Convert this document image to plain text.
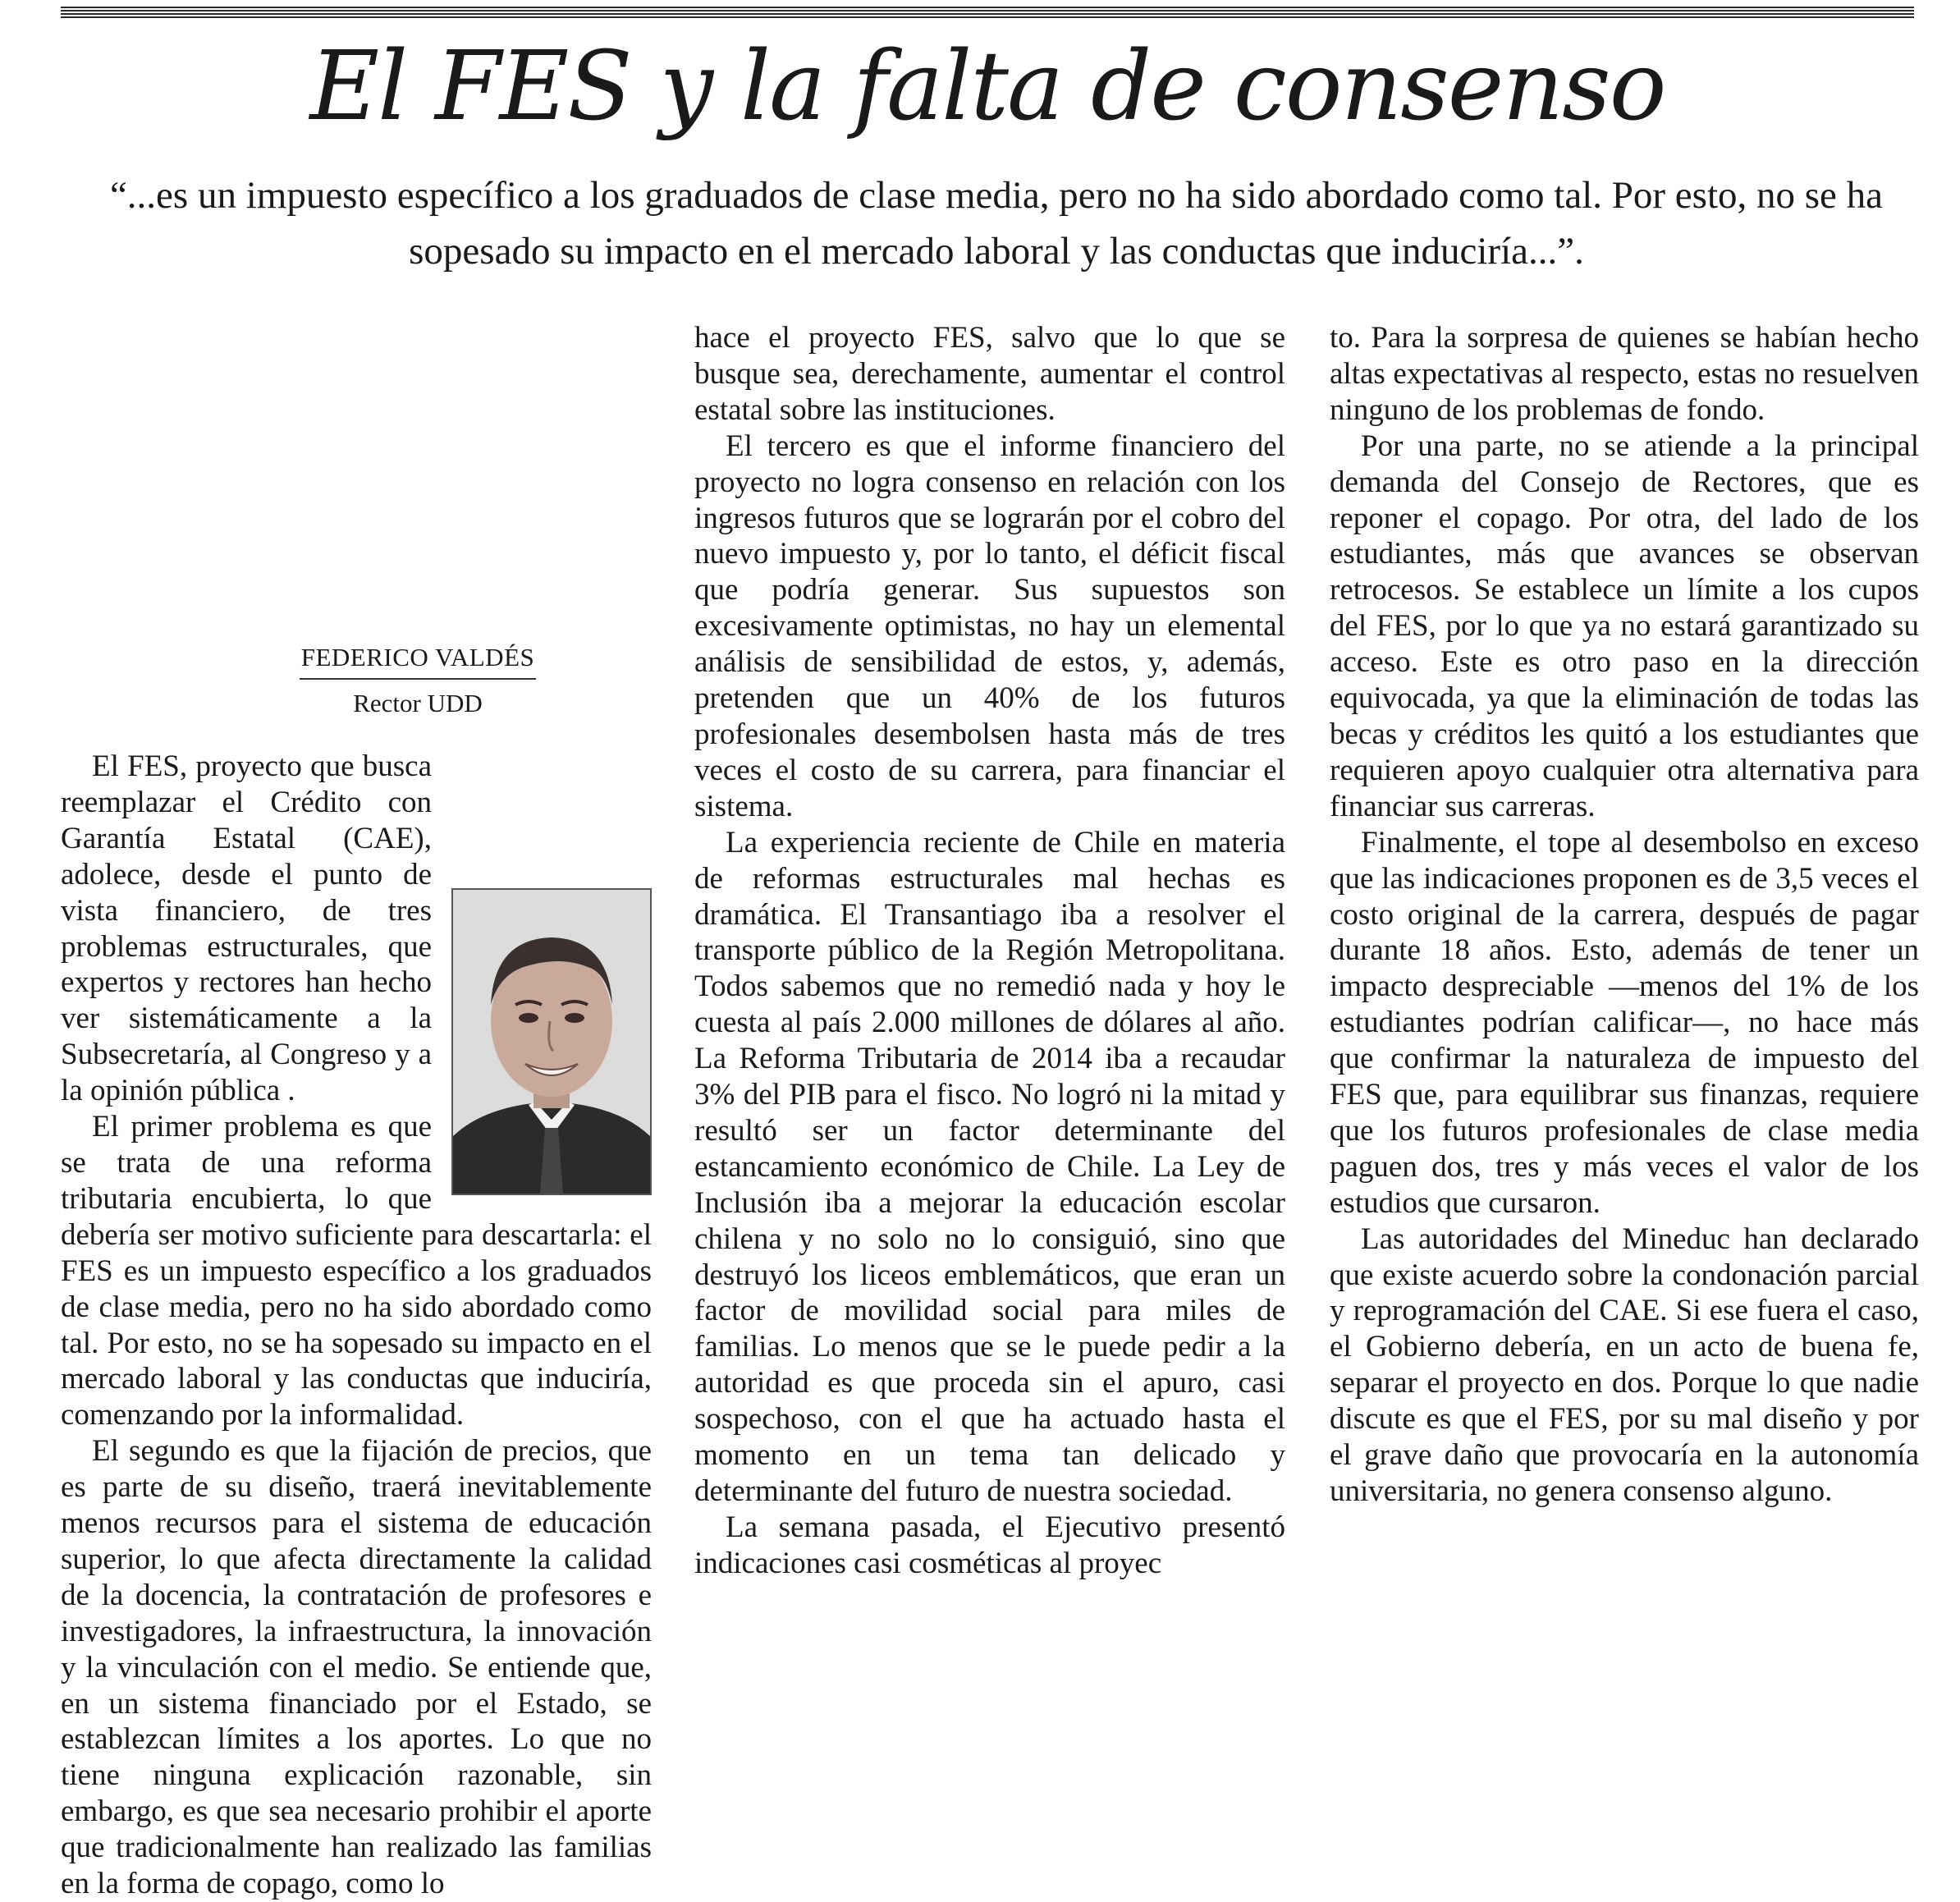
El FES y la falta de consenso

“...es un impuesto específico a los graduados de clase media, pero no ha sido abordado como tal. Por esto, no se ha sopesado su impacto en el mercado laboral y las conductas que induciría...”.

FEDERICO VALDÉS
Rector UDD

El FES, proyecto que busca reemplazar el Crédito con Garantía Estatal (CAE), adolece, desde el punto de vista financiero, de tres problemas estructurales, que expertos y rectores han hecho ver sistemáticamente a la Subsecretaría, al Congreso y a la opinión pública .

El primer problema es que se trata de una reforma tributaria encubierta, lo que debería ser motivo suficiente para descartarla: el FES es un impuesto específico a los graduados de clase media, pero no ha sido abordado como tal. Por esto, no se ha sopesado su impacto en el mercado laboral y las conductas que induciría, comenzando por la informalidad.

El segundo es que la fijación de precios, que es parte de su diseño, traerá inevitablemente menos recursos para el sistema de educación superior, lo que afecta directamente la calidad de la docencia, la contratación de profesores e investigadores, la infraestructura, la innovación y la vinculación con el medio. Se entiende que, en un sistema financiado por el Estado, se establezcan límites a los aportes. Lo que no tiene ninguna explicación razonable, sin embargo, es que sea necesario prohibir el aporte que tradicionalmente han realizado las familias en la forma de copago, como lo

hace el proyecto FES, salvo que lo que se busque sea, derechamente, aumentar el control estatal sobre las instituciones.

El tercero es que el informe financiero del proyecto no logra consenso en relación con los ingresos futuros que se lograrán por el cobro del nuevo impuesto y, por lo tanto, el déficit fiscal que podría generar. Sus supuestos son excesivamente optimistas, no hay un elemental análisis de sensibilidad de estos, y, además, pretenden que un 40% de los futuros profesionales desembolsen hasta más de tres veces el costo de su carrera, para financiar el sistema.

La experiencia reciente de Chile en materia de reformas estructurales mal hechas es dramática. El Transantiago iba a resolver el transporte público de la Región Metropolitana. Todos sabemos que no remedió nada y hoy le cuesta al país 2.000 millones de dólares al año. La Reforma Tributaria de 2014 iba a recaudar 3% del PIB para el fisco. No logró ni la mitad y resultó ser un factor determinante del estancamiento económico de Chile. La Ley de Inclusión iba a mejorar la educación escolar chilena y no solo no lo consiguió, sino que destruyó los liceos emblemáticos, que eran un factor de movilidad social para miles de familias. Lo menos que se le puede pedir a la autoridad es que proceda sin el apuro, casi sospechoso, con el que ha actuado hasta el momento en un tema tan delicado y determinante del futuro de nuestra sociedad.

La semana pasada, el Ejecutivo presentó indicaciones casi cosméticas al proyec

to. Para la sorpresa de quienes se habían hecho altas expectativas al respecto, estas no resuelven ninguno de los problemas de fondo.

Por una parte, no se atiende a la principal demanda del Consejo de Rectores, que es reponer el copago. Por otra, del lado de los estudiantes, más que avances se observan retrocesos. Se establece un límite a los cupos del FES, por lo que ya no estará garantizado su acceso. Este es otro paso en la dirección equivocada, ya que la eliminación de todas las becas y créditos les quitó a los estudiantes que requieren apoyo cualquier otra alternativa para financiar sus carreras.

Finalmente, el tope al desembolso en exceso que las indicaciones proponen es de 3,5 veces el costo original de la carrera, después de pagar durante 18 años. Esto, además de tener un impacto despreciable —menos del 1% de los estudiantes podrían calificar—, no hace más que confirmar la naturaleza de impuesto del FES que, para equilibrar sus finanzas, requiere que los futuros profesionales de clase media paguen dos, tres y más veces el valor de los estudios que cursaron.

Las autoridades del Mineduc han declarado que existe acuerdo sobre la condonación parcial y reprogramación del CAE. Si ese fuera el caso, el Gobierno debería, en un acto de buena fe, separar el proyecto en dos. Porque lo que nadie discute es que el FES, por su mal diseño y por el grave daño que provocaría en la autonomía universitaria, no genera consenso alguno.
